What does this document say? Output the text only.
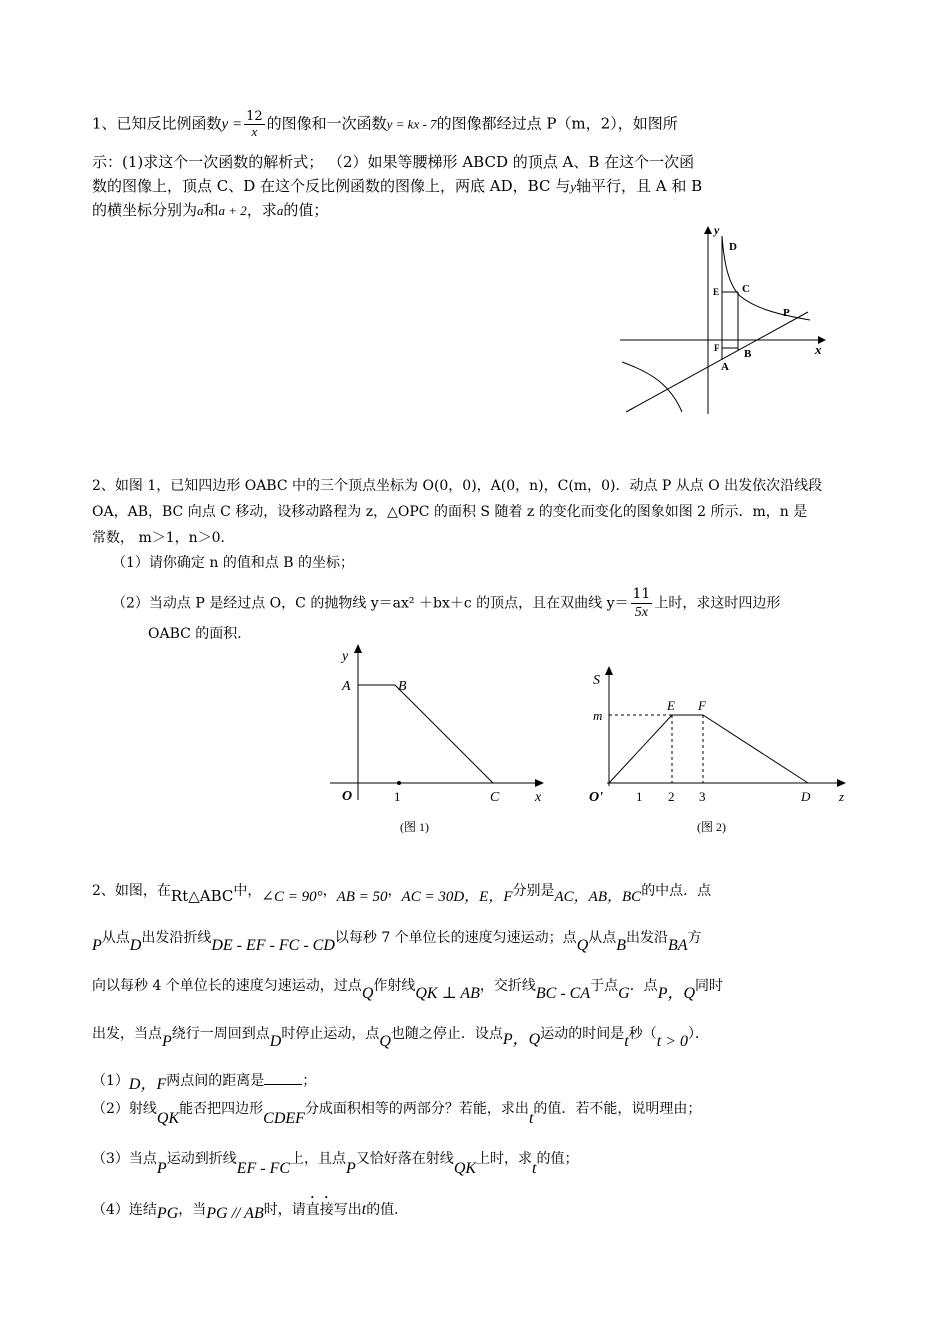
1、已知反比例函数$y = \frac{12}{x}$ 的图像和一次函数y = kx - 7的图像都经过点 P（m，2），如图所
示：(1)求这个一次函数的解析式； （2）如果等腰梯形 ABCD 的顶点 A、B 在这个一次函
数的图像上，顶点 C、D 在这个反比例函数的图像上，两底 AD，BC 与y轴平行，且 A 和 B
的横坐标分别为a和a + 2，求a的值；
y
x
D
C
E
F
P
A
B
2、如图 1，已知四边形 OABC 中的三个顶点坐标为 O(0，0)，A(0，n)，C(m，0)．动点 P 从点 O 出发依次沿线段
OA，AB，BC 向点 C 移动，设移动路程为 z，△OPC 的面积 S 随着 z 的变化而变化的图象如图 2 所示．m，n 是
常数， m＞1，n＞0．
（1）请你确定 n 的值和点 B 的坐标；
（2）当动点 P 是经过点 O，C 的抛物线 y＝ax² ＋bx＋c 的顶点，且在双曲线 $y= \frac{11}{5x}$ 上时，求这时四边形
OABC 的面积．
y
A	B
O	1	C	x
(图 1)
S
m
E F
O'	1 2 3	D z
(图 2)
2、如图，在Rt△ABC中，∠C = 90°，AB = 50，AC = 30D，E，F分别是AC，AB，BC的中点．点
P从点D出发沿折线DE - EF - FC - CD以每秒 7 个单位长的速度匀速运动；点Q从点B出发沿BA方
向以每秒 4 个单位长的速度匀速运动，过点Q作射线QK ⊥ AB，交折线BC - CA于点G．点P，Q同时
出发，当点P绕行一周回到点D时停止运动，点Q也随之停止．设点P，Q运动的时间是t秒（t > 0）．
（1）D，F两点间的距离是	；
（2）射线QK能否把四边形CDEF分成面积相等的两部分？若能，求出t的值．若不能，说明理由；
（3）当点P运动到折线EF - FC上，且点P又恰好落在射线QK上时，求t的值；
（4）连结PG，当PG // AB时，请直接写出t的值．
